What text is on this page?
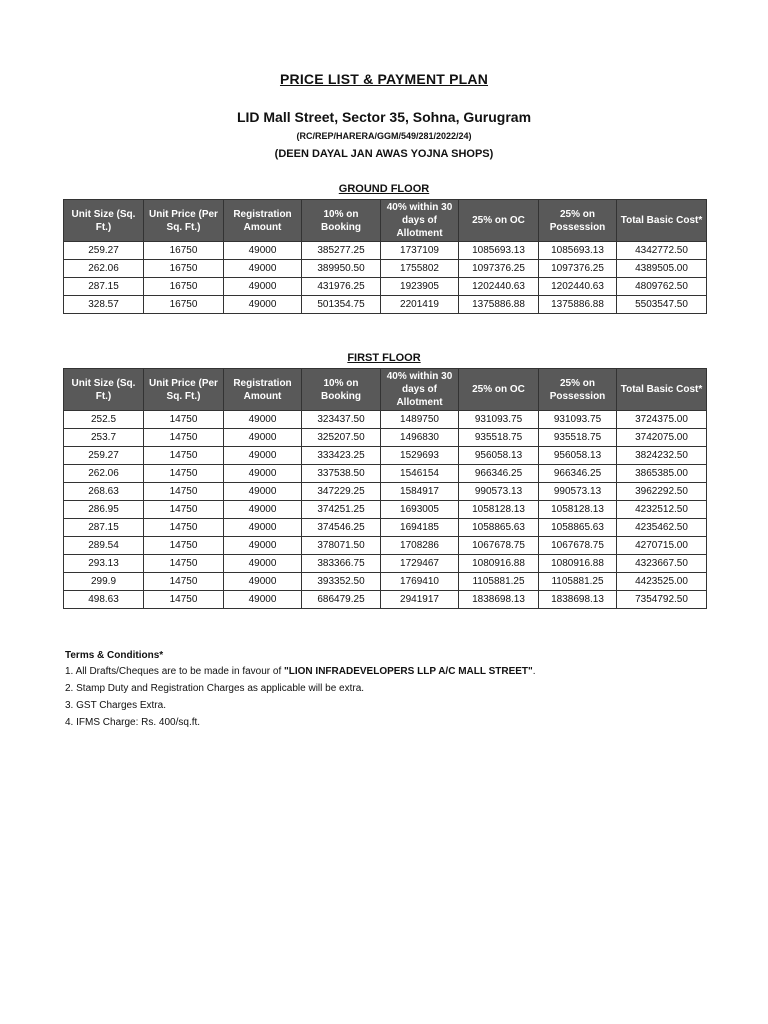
PRICE LIST & PAYMENT PLAN
LID Mall Street, Sector 35, Sohna, Gurugram
(RC/REP/HARERA/GGM/549/281/2022/24)
(DEEN DAYAL JAN AWAS YOJNA SHOPS)
GROUND FLOOR
Unit Size (Sq. Ft.)	Unit Price (Per Sq. Ft.)	Registration Amount	10% on Booking	40% within 30 days of Allotment	25% on OC	25% on Possession	Total Basic Cost*
259.27	16750	49000	385277.25	1737109	1085693.13	1085693.13	4342772.50
262.06	16750	49000	389950.50	1755802	1097376.25	1097376.25	4389505.00
287.15	16750	49000	431976.25	1923905	1202440.63	1202440.63	4809762.50
328.57	16750	49000	501354.75	2201419	1375886.88	1375886.88	5503547.50
FIRST FLOOR
Unit Size (Sq. Ft.)	Unit Price (Per Sq. Ft.)	Registration Amount	10% on Booking	40% within 30 days of Allotment	25% on OC	25% on Possession	Total Basic Cost*
252.5	14750	49000	323437.50	1489750	931093.75	931093.75	3724375.00
253.7	14750	49000	325207.50	1496830	935518.75	935518.75	3742075.00
259.27	14750	49000	333423.25	1529693	956058.13	956058.13	3824232.50
262.06	14750	49000	337538.50	1546154	966346.25	966346.25	3865385.00
268.63	14750	49000	347229.25	1584917	990573.13	990573.13	3962292.50
286.95	14750	49000	374251.25	1693005	1058128.13	1058128.13	4232512.50
287.15	14750	49000	374546.25	1694185	1058865.63	1058865.63	4235462.50
289.54	14750	49000	378071.50	1708286	1067678.75	1067678.75	4270715.00
293.13	14750	49000	383366.75	1729467	1080916.88	1080916.88	4323667.50
299.9	14750	49000	393352.50	1769410	1105881.25	1105881.25	4423525.00
498.63	14750	49000	686479.25	2941917	1838698.13	1838698.13	7354792.50
Terms & Conditions*
1. All Drafts/Cheques are to be made in favour of "LION INFRADEVELOPERS LLP A/C MALL STREET".
2. Stamp Duty and Registration Charges as applicable will be extra.
3. GST Charges Extra.
4. IFMS Charge: Rs. 400/sq.ft.
